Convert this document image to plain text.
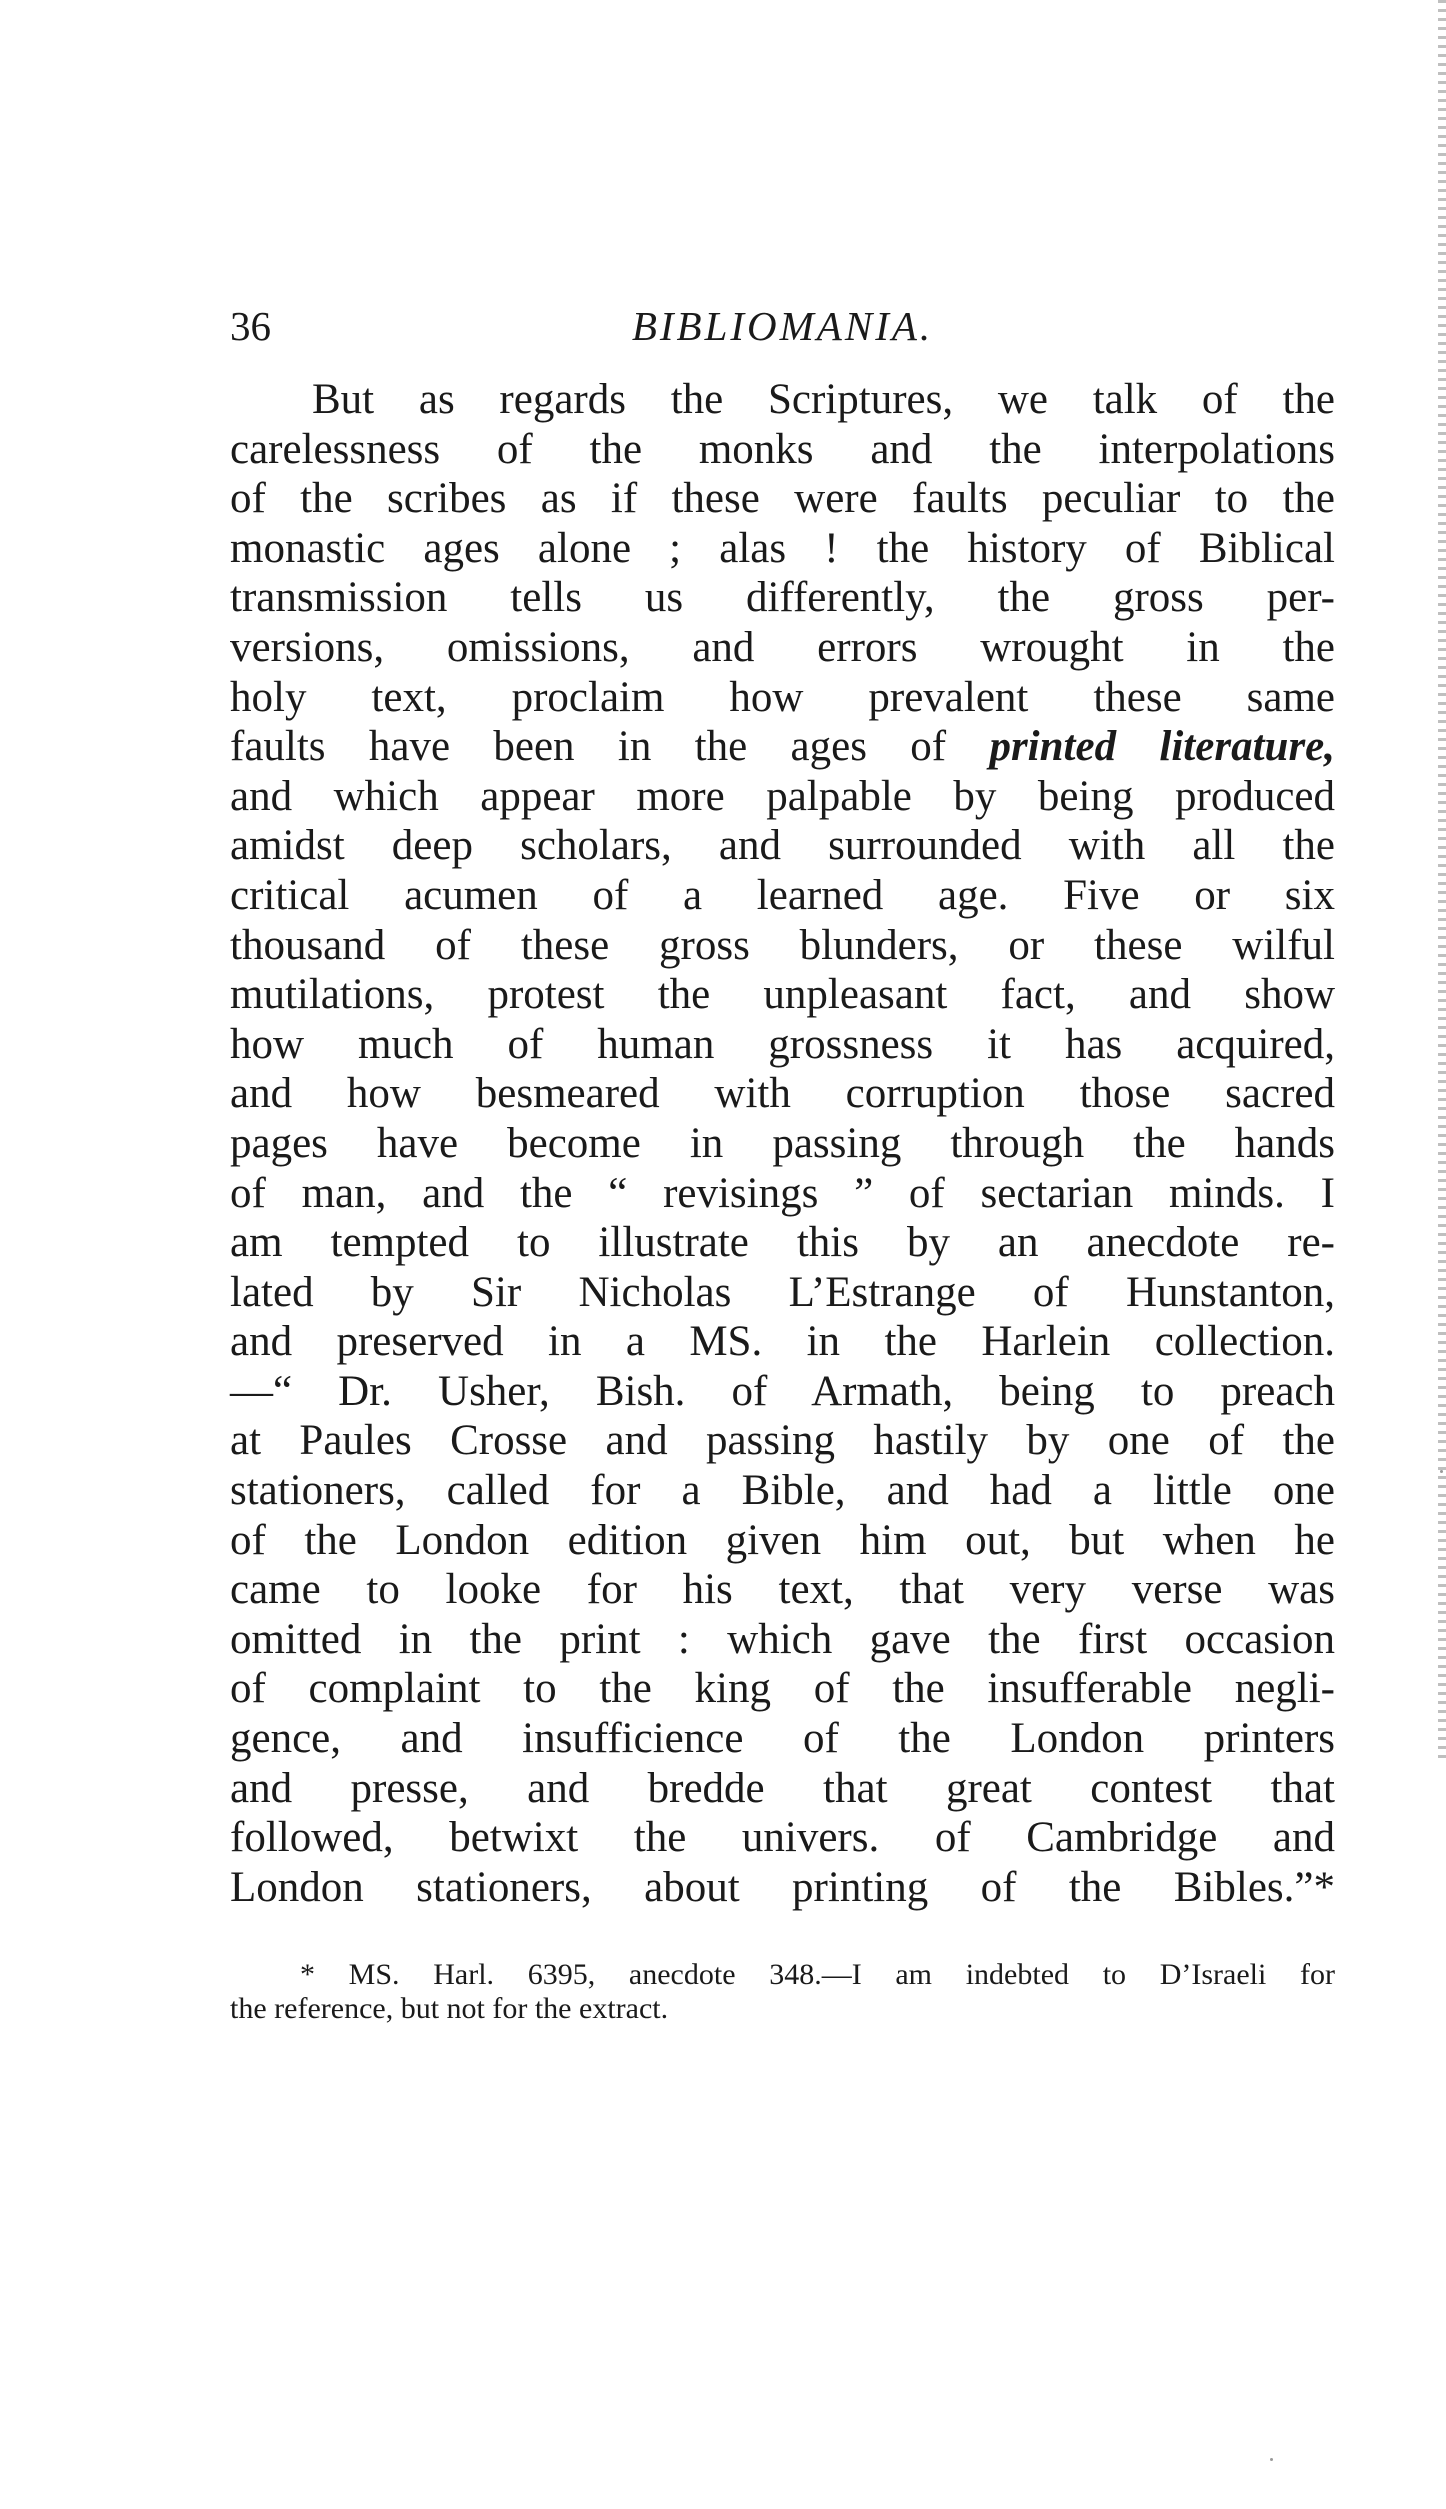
36	BIBLIOMANIA.
But as regards the Scriptures, we talk of the
carelessness of the monks and the interpolations
of the scribes as if these were faults peculiar to the
monastic ages alone ; alas ! the history of Biblical
transmission tells us differently, the gross per-
versions, omissions, and errors wrought in the
holy text, proclaim how prevalent these same
faults have been in the ages of printed literature,
and which appear more palpable by being produced
amidst deep scholars, and surrounded with all the
critical acumen of a learned age. Five or six
thousand of these gross blunders, or these wilful
mutilations, protest the unpleasant fact, and show
how much of human grossness it has acquired,
and how besmeared with corruption those sacred
pages have become in passing through the hands
of man, and the “ revisings ” of sectarian minds. I
am tempted to illustrate this by an anecdote re-
lated by Sir Nicholas L’Estrange of Hunstanton,
and preserved in a MS. in the Harlein collection.
—“ Dr. Usher, Bish. of Armath, being to preach
at Paules Crosse and passing hastily by one of the
stationers, called for a Bible, and had a little one
of the London edition given him out, but when he
came to looke for his text, that very verse was
omitted in the print : which gave the first occasion
of complaint to the king of the insufferable negli-
gence, and insufficience of the London printers
and presse, and bredde that great contest that
followed, betwixt the univers. of Cambridge and
London stationers, about printing of the Bibles.”*
* MS. Harl. 6395, anecdote 348.—I am indebted to D’Israeli for
the reference, but not for the extract.
